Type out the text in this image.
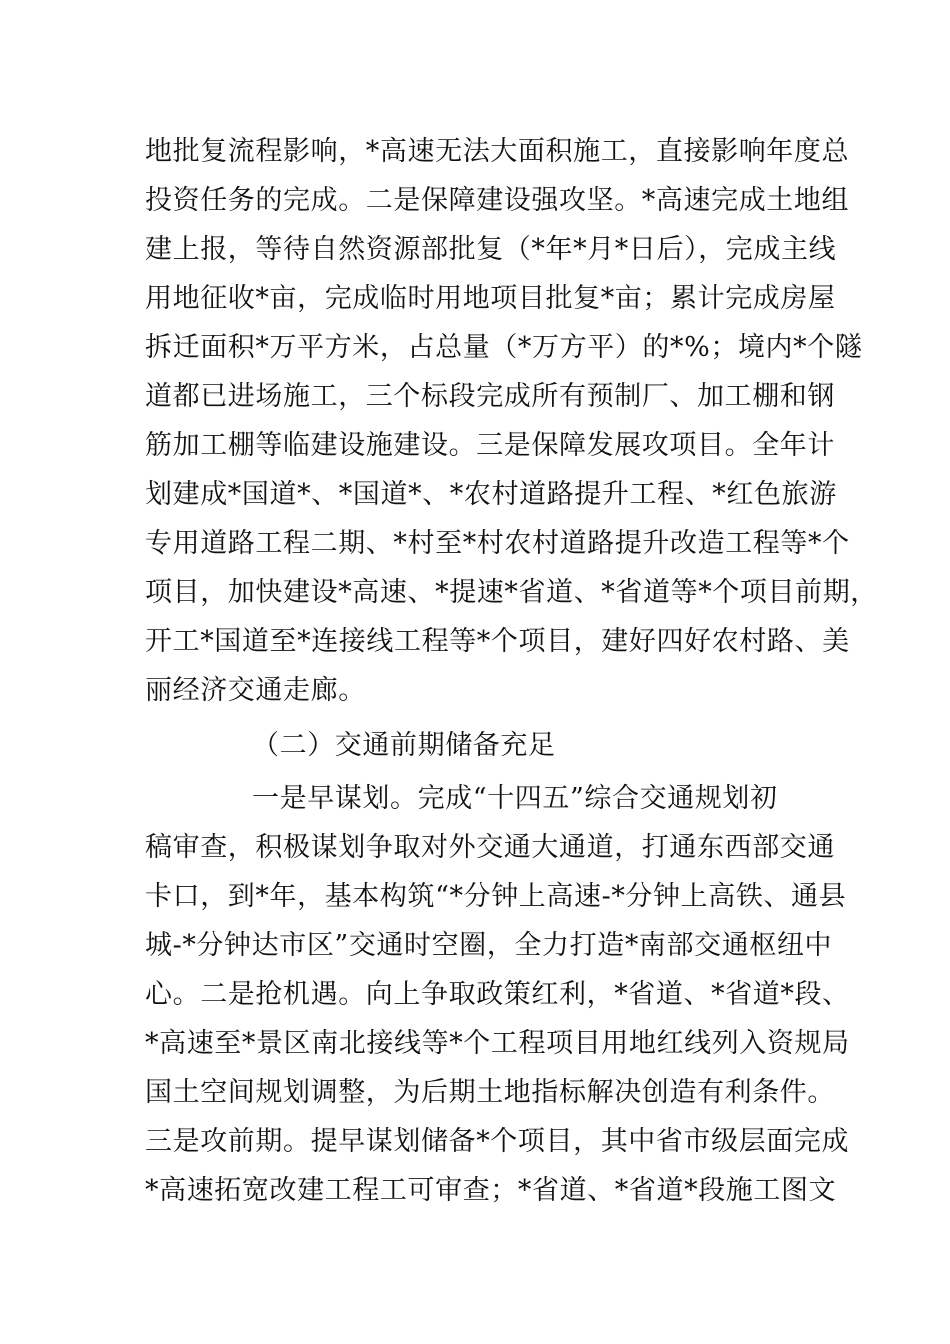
地批复流程影响，*高速无法大面积施工，直接影响年度总
投资任务的完成。二是保障建设强攻坚。*高速完成土地组
建上报，等待自然资源部批复（*年*月*日后），完成主线
用地征收*亩，完成临时用地项目批复*亩；累计完成房屋
拆迁面积*万平方米，占总量（*万方平）的*%；境内*个隧
道都已进场施工，三个标段完成所有预制厂、加工棚和钢
筋加工棚等临建设施建设。三是保障发展攻项目。全年计
划建成*国道*、*国道*、*农村道路提升工程、*红色旅游
专用道路工程二期、*村至*村农村道路提升改造工程等*个
项目，加快建设*高速、*提速*省道、*省道等*个项目前期，
开工*国道至*连接线工程等*个项目，建好四好农村路、美
丽经济交通走廊。
（二）交通前期储备充足
一是早谋划。完成“十四五”综合交通规划初
稿审查，积极谋划争取对外交通大通道，打通东西部交通
卡口，到*年，基本构筑“*分钟上高速-*分钟上高铁、通县
城-*分钟达市区”交通时空圈，全力打造*南部交通枢纽中
心。二是抢机遇。向上争取政策红利，*省道、*省道*段、
*高速至*景区南北接线等*个工程项目用地红线列入资规局
国土空间规划调整，为后期土地指标解决创造有利条件。
三是攻前期。提早谋划储备*个项目，其中省市级层面完成
*高速拓宽改建工程工可审查；*省道、*省道*段施工图文
